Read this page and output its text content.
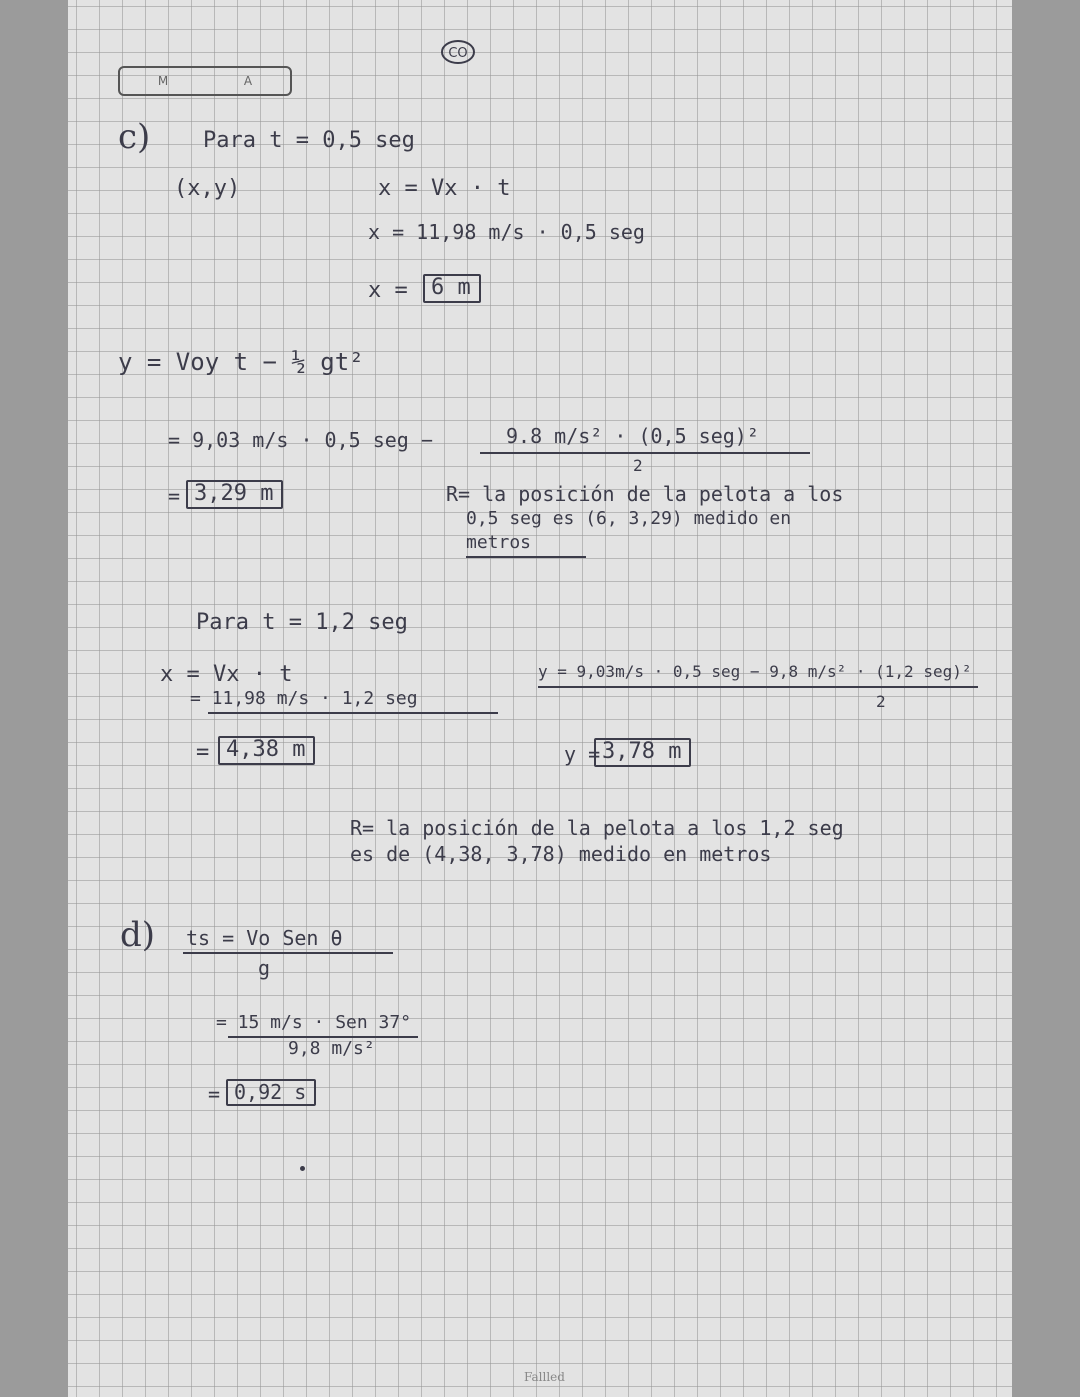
CO
M	A
c) Para t = 0,5 seg
(x,y)	x = Vx · t
x = 11,98 m/s · 0,5 seg
x =	6 m
y = Voy t − ½ gt²
= 9,03 m/s · 0,5 seg −	9.8 m/s² · (0,5 seg)²
2
= 3,29 m	R= la posición de la pelota a los
0,5 seg es (6, 3,29) medido en
metros
Para t = 1,2 seg
x = Vx · t
= 11,98 m/s · 1,2 seg
= 4,38 m
y = 9,03m/s · 0,5 seg − 9,8 m/s² · (1,2 seg)²
2
y = 3,78 m
R= la posición de la pelota a los 1,2 seg
es de (4,38, 3,78) medido en metros
d) ts = Vo Sen θ
g
= 15 m/s · Sen 37°
9,8 m/s²
= 0,92 s
Fallled
